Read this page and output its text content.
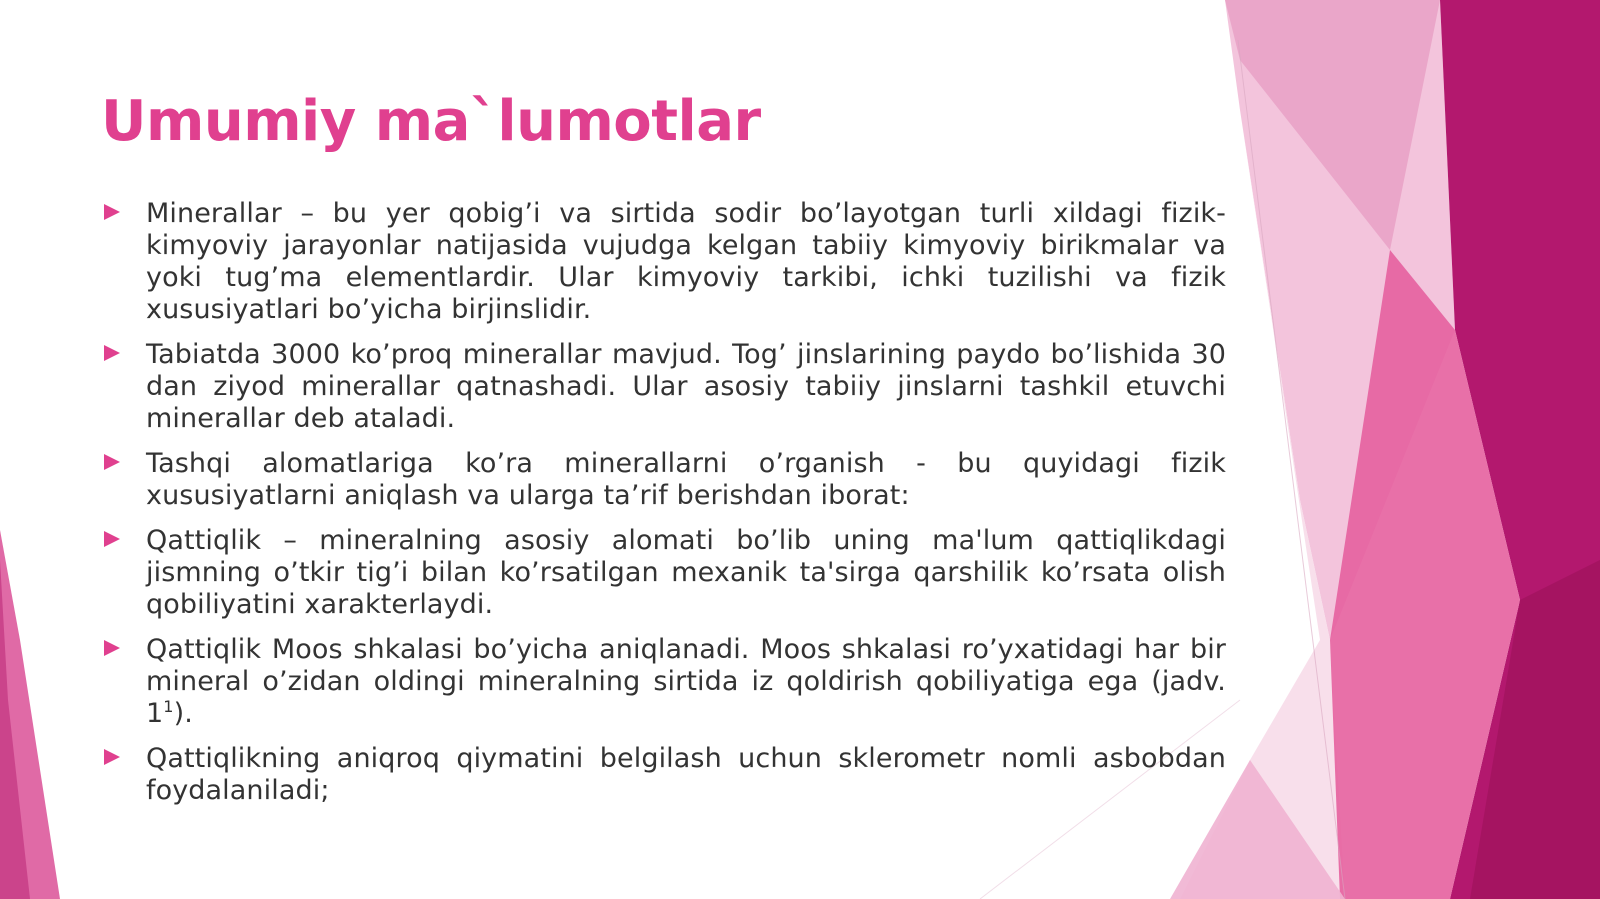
Umumiy ma`lumotlar
Minerallar – bu yer qobig’i va sirtida sodir bo’layotgan turli xildagi fizik-kimyoviy jarayonlar natijasida vujudga kelgan tabiiy kimyoviy birikmalar va yoki tug’ma elementlardir. Ular kimyoviy tarkibi, ichki tuzilishi va fizik xususiyatlari bo’yicha birjinslidir.
Tabiatda 3000 ko’proq minerallar mavjud. Tog’ jinslarining paydo bo’lishida 30 dan ziyod minerallar qatnashadi. Ular asosiy tabiiy jinslarni tashkil etuvchi minerallar deb ataladi.
Tashqi alomatlariga ko’ra minerallarni o’rganish - bu quyidagi fizik xususiyatlarni aniqlash va ularga ta’rif berishdan iborat:
Qattiqlik – mineralning asosiy alomati bo’lib uning ma'lum qattiqlikdagi jismning o’tkir tig’i bilan ko’rsatilgan mexanik ta'sirga qarshilik ko’rsata olish qobiliyatini xarakterlaydi.
Qattiqlik Moos shkalasi bo’yicha aniqlanadi. Moos shkalasi ro’yxatidagi har bir mineral o’zidan oldingi mineralning sirtida iz qoldirish qobiliyatiga ega (jadv. $1^1$).
Qattiqlikning aniqroq qiymatini belgilash uchun sklerometr nomli asbobdan foydalaniladi;
